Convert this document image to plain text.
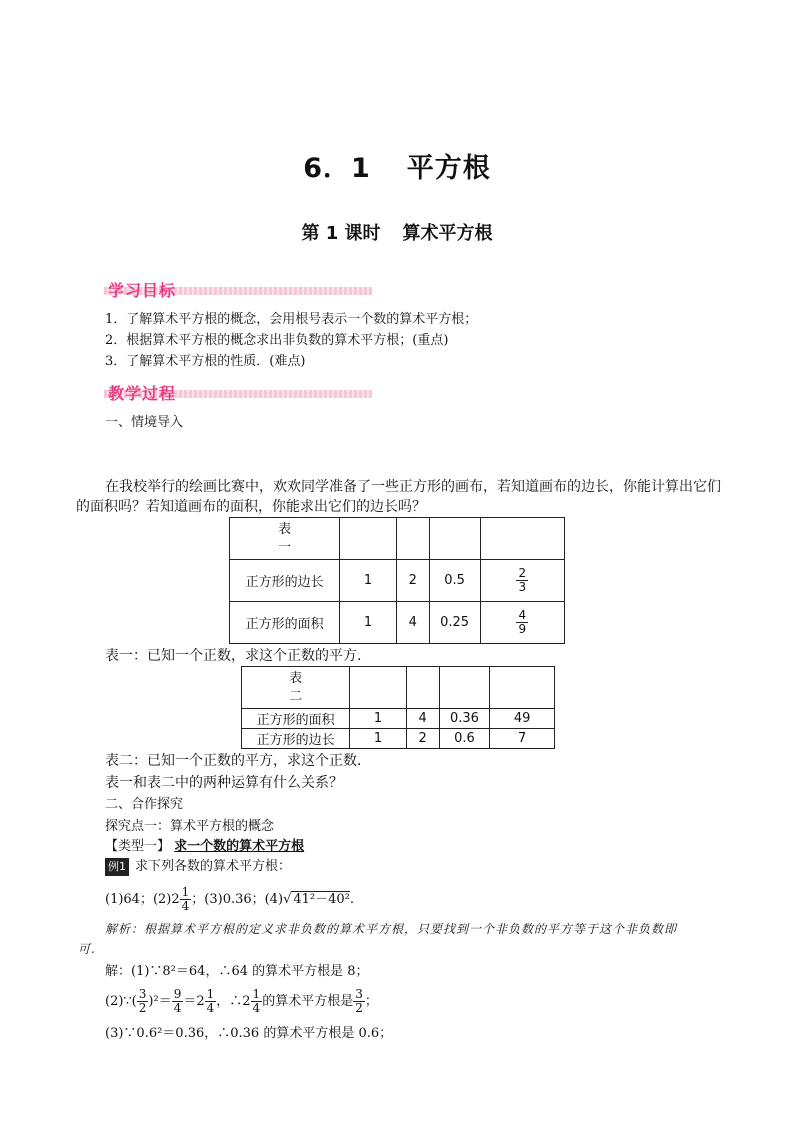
6．1 平方根
第 1 课时 算术平方根
学习目标
1．了解算术平方根的概念，会用根号表示一个数的算术平方根；
2．根据算术平方根的概念求出非负数的算术平方根；(重点)
3．了解算术平方根的性质．(难点)
教学过程
一、情境导入
在我校举行的绘画比赛中，欢欢同学准备了一些正方形的画布，若知道画布的边长，你能计算出它们
的面积吗？若知道画布的面积，你能求出它们的边长吗？
表
一				
正方形的边长	1	2	0.5	$\frac{2}{3}$

正方形的面积	1	4	0.25	$\frac{4}{9}$
表一：已知一个正数，求这个正数的平方.
表
二				
正方形的面积	1	4	0.36	49
正方形的边长	1	2	0.6	7
表二：已知一个正数的平方，求这个正数．
表一和表二中的两种运算有什么关系？
二、合作探究
探究点一：算术平方根的概念
【类型一】 求一个数的算术平方根
例1 求下列各数的算术平方根：
(1)64；$(2)2 \frac{1}{4}$ ；(3)0.36；(4)√ 41²－40².
解析：根据算术平方根的定义求非负数的算术平方根，只要找到一个非负数的平方等于这个非负数即
可.
解：(1)∵8²＝64，∴64 的算术平方根是 8；
(2)∵( $\frac{3}{2} )^2= \frac{9}{4} =2 \frac{1}{4}$ ，∴2 $\frac{1}{4}$ 的算术平方根是 $\frac{3}{2}$ ；
(3)∵0.6²＝0.36，∴0.36 的算术平方根是 0.6；
